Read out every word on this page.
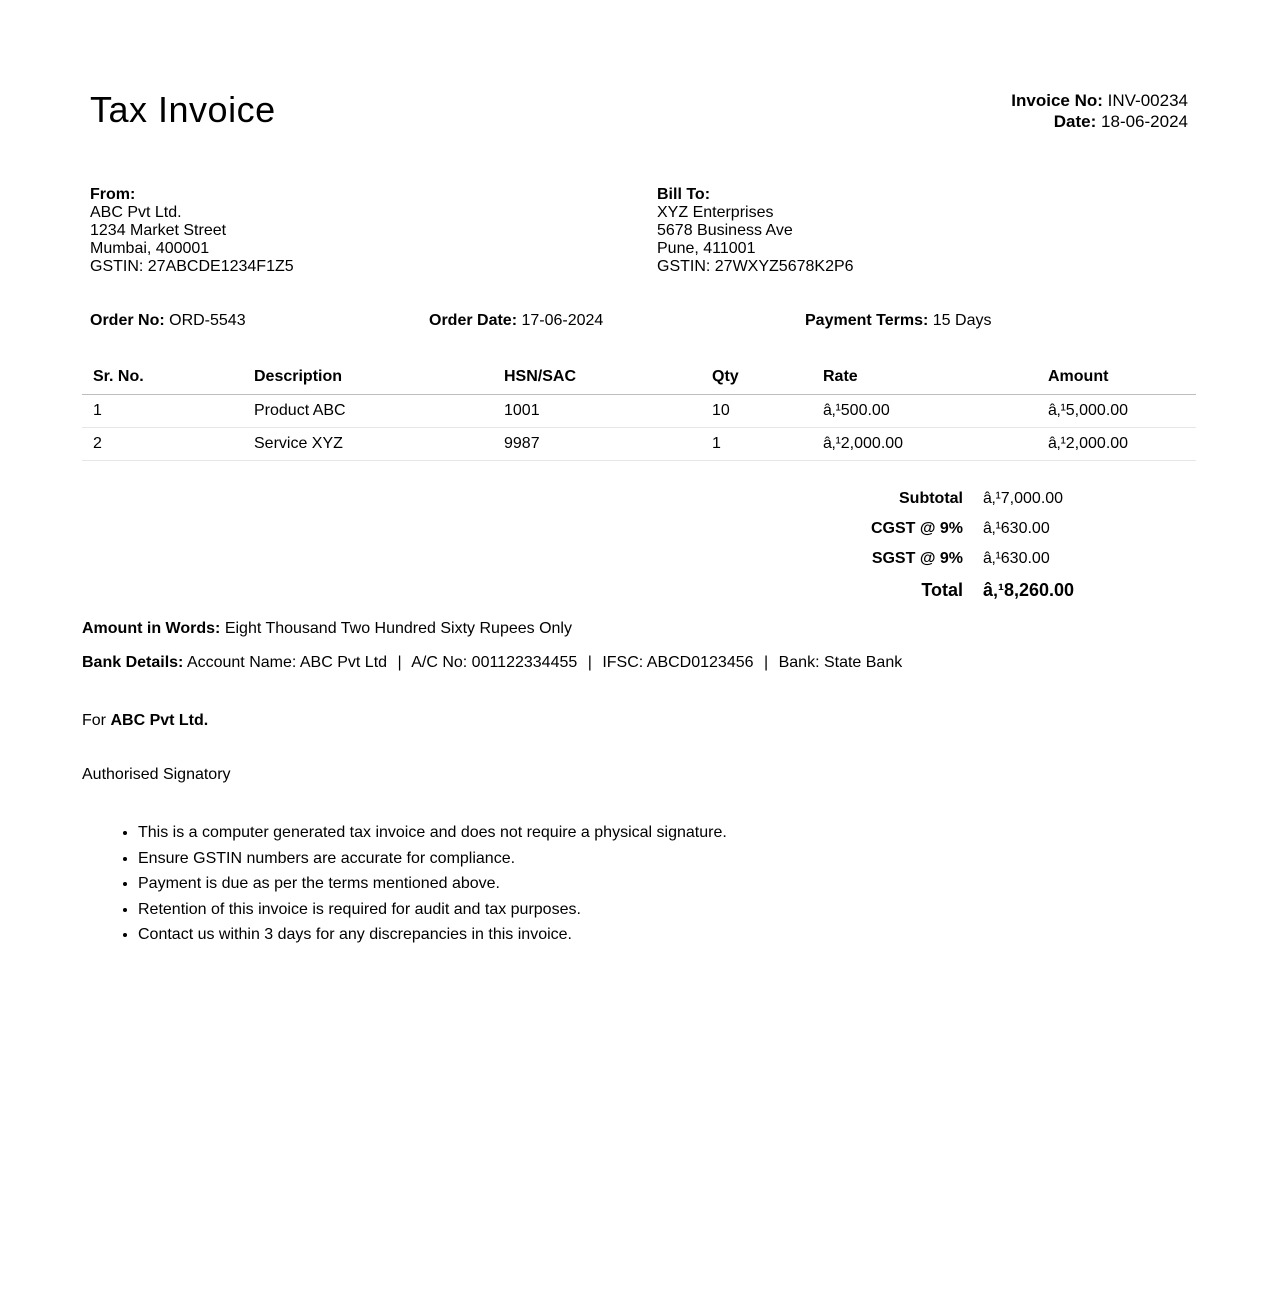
Tax Invoice	Invoice No: INV-00234
Date: 18-06-2024
From:
ABC Pvt Ltd.
1234 Market Street
Mumbai, 400001
GSTIN: 27ABCDE1234F1Z5
Bill To:
XYZ Enterprises
5678 Business Ave
Pune, 411001
GSTIN: 27WXYZ5678K2P6
Order No: ORD-5543	Order Date: 17-06-2024	Payment Terms: 15 Days
Sr. No.	Description	HSN/SAC	Qty	Rate	Amount
1	Product ABC	1001	10	â‚¹500.00	â‚¹5,000.00
2	Service XYZ	9987	1	â‚¹2,000.00	â‚¹2,000.00
Subtotal	â‚¹7,000.00
CGST @ 9%	â‚¹630.00
SGST @ 9%	â‚¹630.00
Total	â‚¹8,260.00
Amount in Words: Eight Thousand Two Hundred Sixty Rupees Only
Bank Details: Account Name: ABC Pvt Ltd | A/C No: 001122334455 | IFSC: ABCD0123456 | Bank: State Bank
For ABC Pvt Ltd.
Authorised Signatory
• This is a computer generated tax invoice and does not require a physical signature.
• Ensure GSTIN numbers are accurate for compliance.
• Payment is due as per the terms mentioned above.
• Retention of this invoice is required for audit and tax purposes.
• Contact us within 3 days for any discrepancies in this invoice.
